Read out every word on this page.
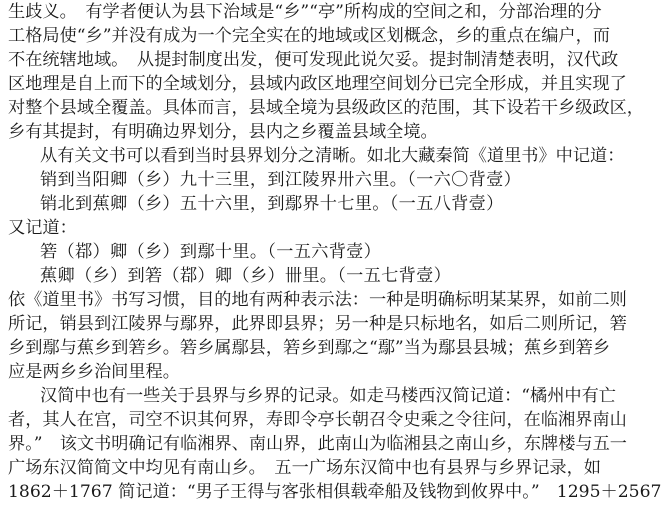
生歧义。　有学者便认为县下治域是“乡”“亭”所构成的空间之和，分部治理的分
工格局使“乡”并没有成为一个完全实在的地域或区划概念，乡的重点在编户，而
不在统辖地域。　从提封制度出发，便可发现此说欠妥。提封制清楚表明，汉代政
区地理是自上而下的全域划分，县域内政区地理空间划分已完全形成，并且实现了
对整个县域全覆盖。具体而言，县域全境为县级政区的范围，其下设若干乡级政区，
乡有其提封，有明确边界划分，县内之乡覆盖县域全境。
从有关文书可以看到当时县界划分之清晰。如北大藏秦简《道里书》中记道：
销到当阳卿（乡）九十三里，到江陵界卅六里。（一六〇背壹）
销北到蕉卿（乡）五十六里，到鄢界十七里。（一五八背壹）
又记道：
箬（鄀）卿（乡）到鄢十里。（一五六背壹）
蕉卿（乡）到箬（鄀）卿（乡）卌里。（一五七背壹）
依《道里书》书写习惯，目的地有两种表示法：一种是明确标明某某界，如前二则
所记，销县到江陵界与鄢界，此界即县界；另一种是只标地名，如后二则所记，箬
乡到鄢与蕉乡到箬乡。箬乡属鄢县，箬乡到鄢之“鄢”当为鄢县县城；蕉乡到箬乡
应是两乡乡治间里程。
汉简中也有一些关于县界与乡界的记录。如走马楼西汉简记道：“橘州中有亡
者，其人在宫，司空不识其何界，寿即令亭长朝召令史乘之令往问，在临湘界南山
界。”　该文书明确记有临湘界、南山界，此南山为临湘县之南山乡，东牌楼与五一
广场东汉简简文中均见有南山乡。　五一广场东汉简中也有县界与乡界记录，如
1862＋1767 简记道：“男子王得与客张相俱载牵船及钱物到攸界中。”　1295＋2567
